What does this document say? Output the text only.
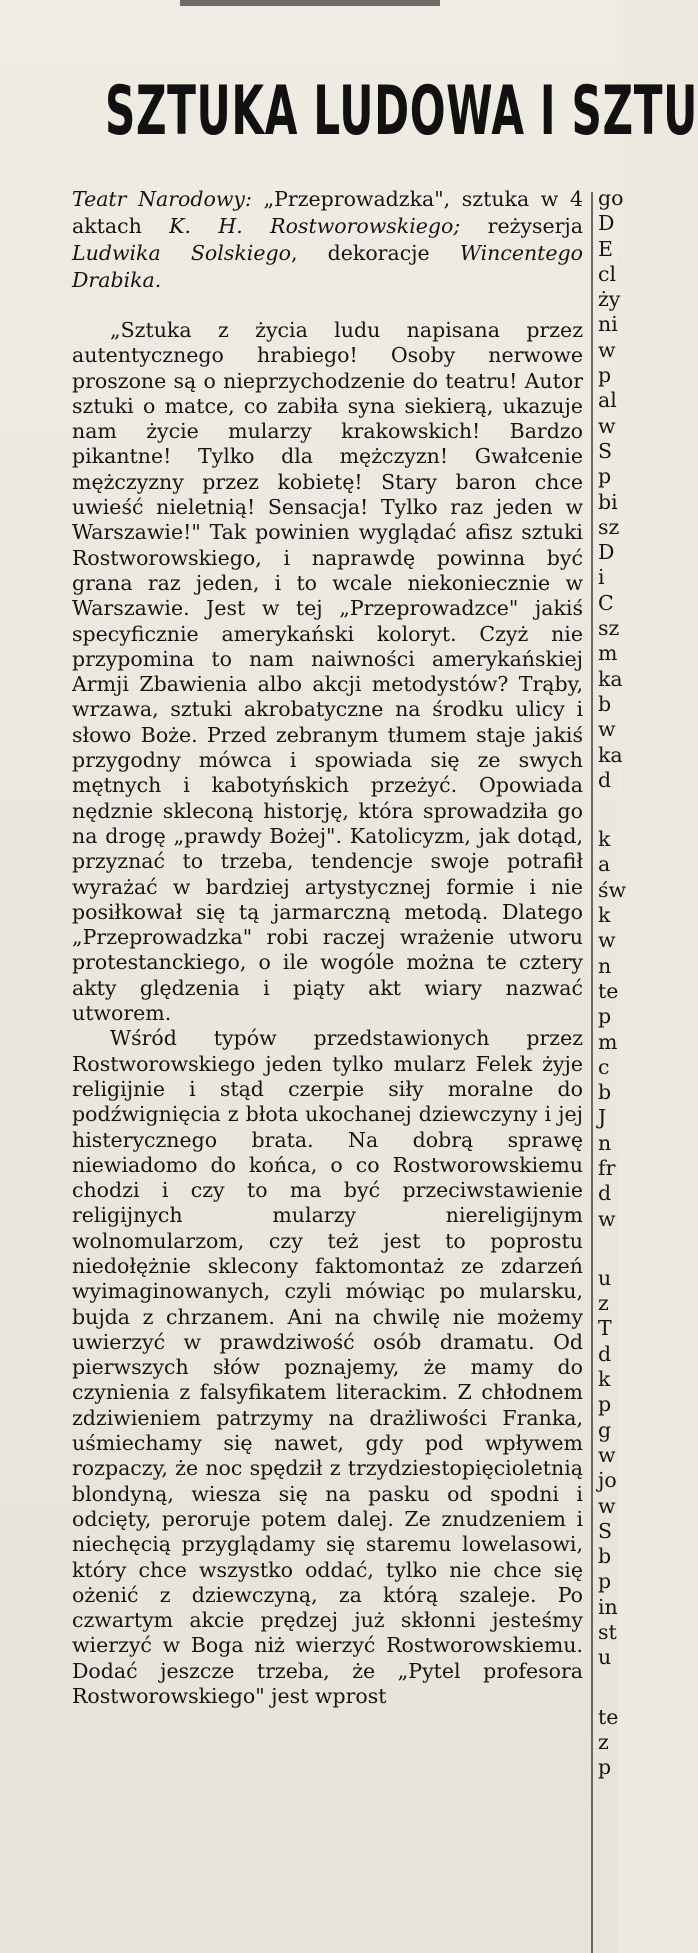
SZTUKA LUDOWA I SZTU

Teatr Narodowy: „Przeprowadzka", sztuka w 4 aktach K. H. Rostworowskiego; reżyserja Ludwika Solskiego, dekoracje Wincentego Drabika.

„Sztuka z życia ludu napisana przez autentycznego hrabiego! Osoby nerwowe proszone są o nieprzychodzenie do teatru! Autor sztuki o matce, co zabiła syna siekierą, ukazuje nam życie mularzy krakowskich! Bardzo pikantne! Tylko dla mężczyzn! Gwałcenie mężczyzny przez kobietę! Stary baron chce uwieść nieletnią! Sensacja! Tylko raz jeden w Warszawie!" Tak powinien wyglądać afisz sztuki Rostworowskiego, i naprawdę powinna być grana raz jeden, i to wcale niekoniecznie w Warszawie. Jest w tej „Przeprowadzce" jakiś specyficznie amerykański koloryt. Czyż nie przypomina to nam naiwności amerykańskiej Armji Zbawienia albo akcji metodystów? Trąby, wrzawa, sztuki akrobatyczne na środku ulicy i słowo Boże. Przed zebranym tłumem staje jakiś przygodny mówca i spowiada się ze swych mętnych i kabotyńskich przeżyć. Opowiada nędznie skleconą historję, która sprowadziła go na drogę „prawdy Bożej". Katolicyzm, jak dotąd, przyznać to trzeba, tendencje swoje potrafił wyrażać w bardziej artystycznej formie i nie posiłkował się tą jarmarczną metodą. Dlatego „Przeprowadzka" robi raczej wrażenie utworu protestanckiego, o ile wogóle można te cztery akty ględzenia i piąty akt wiary nazwać utworem.

Wśród typów przedstawionych przez Rostworowskiego jeden tylko mularz Felek żyje religijnie i stąd czerpie siły moralne do podźwignięcia z błota ukochanej dziewczyny i jej histerycznego brata. Na dobrą sprawę niewiadomo do końca, o co Rostworowskiemu chodzi i czy to ma być przeciwstawienie religijnych mularzy niereligijnym wolnomularzom, czy też jest to poprostu niedołężnie sklecony faktomontaż ze zdarzeń wyimaginowanych, czyli mówiąc po mularsku, bujda z chrzanem. Ani na chwilę nie możemy uwierzyć w prawdziwość osób dramatu. Od pierwszych słów poznajemy, że mamy do czynienia z falsyfikatem literackim. Z chłodnem zdziwieniem patrzymy na drażliwości Franka, uśmiechamy się nawet, gdy pod wpływem rozpaczy, że noc spędził z trzydziestopięcioletnią blondyną, wiesza się na pasku od spodni i odcięty, peroruje potem dalej. Ze znudzeniem i niechęcią przyglądamy się staremu lowelasowi, który chce wszystko oddać, tylko nie chce się ożenić z dziewczyną, za którą szaleje. Po czwartym akcie prędzej już skłonni jesteśmy wierzyć w Boga niż wierzyć Rostworowskiemu. Dodać jeszcze trzeba, że „Pytel profesora Rostworowskiego" jest wprost

go
D
E
cl
ży
ni
w
p
al
w
S
p
bi
sz
D
i
C
sz
m
ka
b
w
ka
d
k
a
św
k
w
n
te
p
m
c
b
J
n
fr
d
w
u
z
T
d
k
p
g
w
jo
w
S
b
p
in
st
u
te
z
p
